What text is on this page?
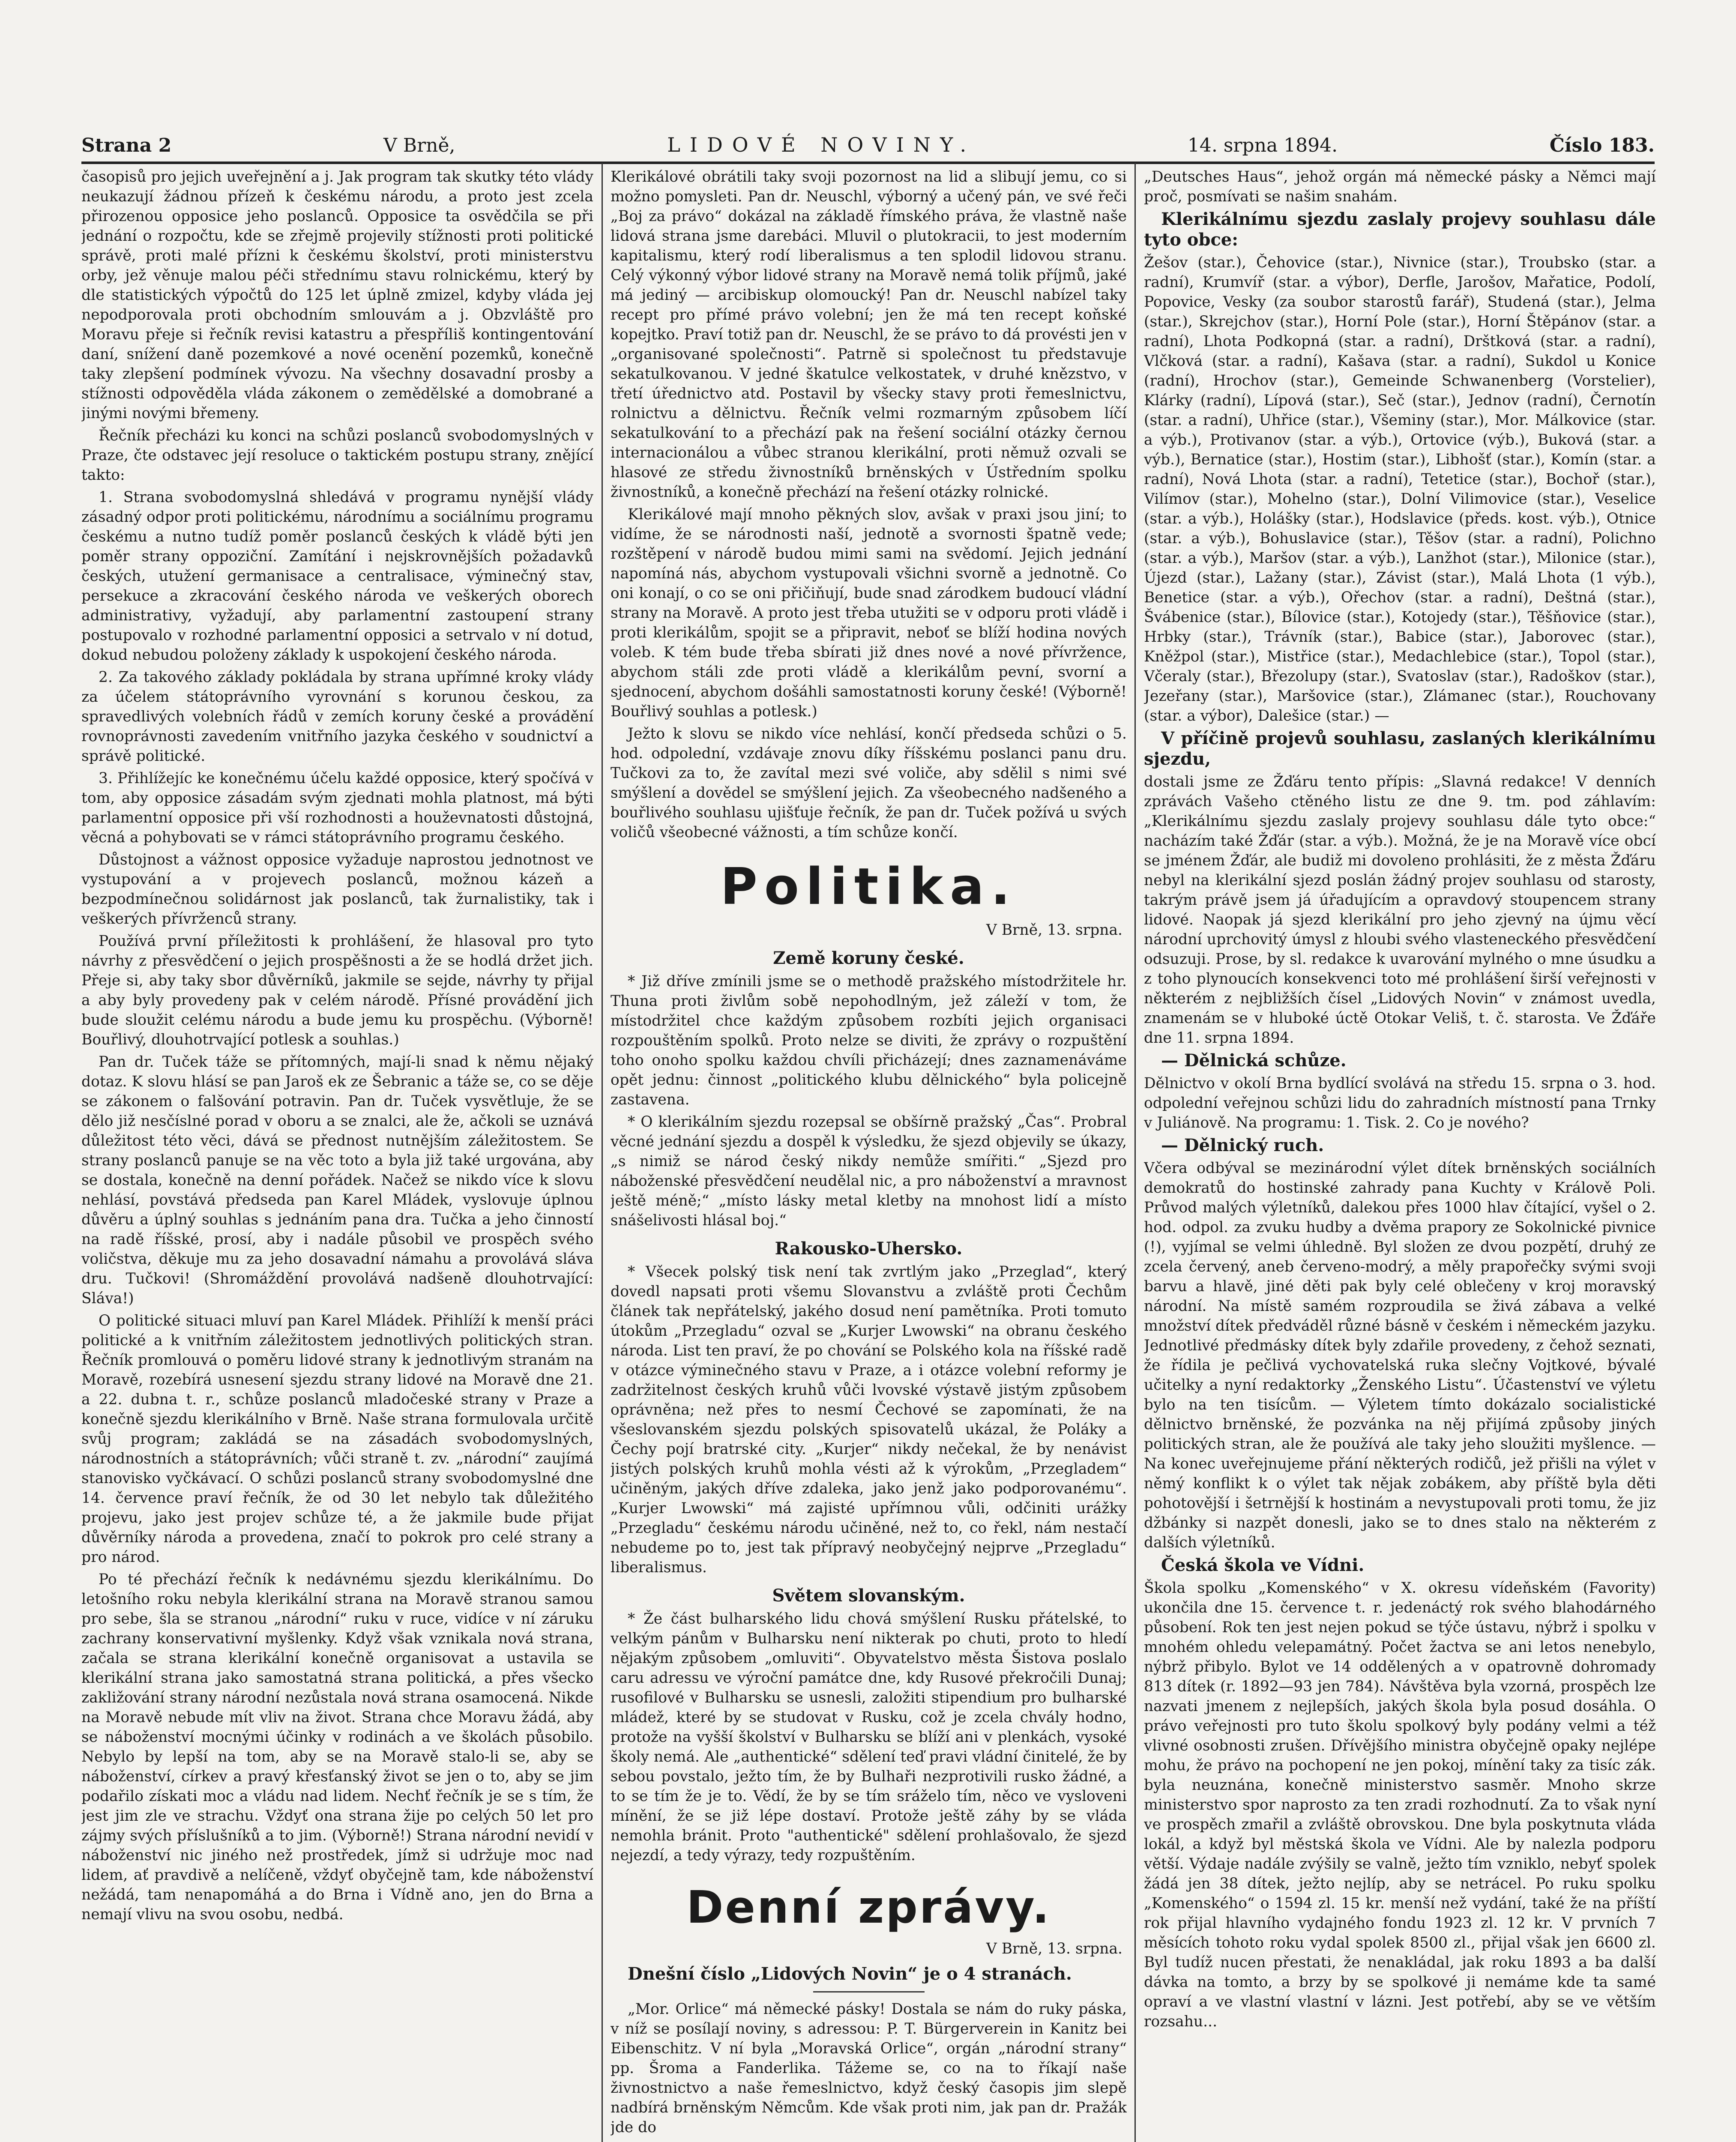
Strana 2	V Brně,	LIDOVÉ NOVINY.	14. srpna 1894.	Číslo 183.

časopisů pro jejich uveřejnění a j. Jak program tak skutky této vlády neukazují žádnou přízeň k českému národu, a proto jest zcela přirozenou opposice jeho poslanců. Opposice ta osvědčila se při jednání o rozpočtu, kde se zřejmě projevily stížnosti proti politické správě, proti malé přízni k českému školství, proti ministerstvu orby, jež věnuje malou péči střednímu stavu rolnickému, který by dle statistických výpočtů do 125 let úplně zmizel, kdyby vláda jej nepodporovala proti obchodním smlouvám a j. Obzvláště pro Moravu přeje si řečník revisi katastru a přespříliš kontingentování daní, snížení daně pozemkové a nové ocenění pozemků, konečně taky zlepšení podmínek vývozu. Na všechny dosavadní prosby a stížnosti odpověděla vláda zákonem o zemědělské a domobrané a jinými novými břemeny.

Řečník přecházi ku konci na schůzi poslanců svobodomyslných v Praze, čte odstavec její resoluce o taktickém postupu strany, znějící takto:

1. Strana svobodomyslná shledává v programu nynější vlády zásadný odpor proti politickému, národnímu a sociálnímu programu českému a nutno tudíž poměr poslanců českých k vládě býti jen poměr strany oppoziční. Zamítání i nejskrovnějších požadavků českých, utužení germanisace a centralisace, výminečný stav, persekuce a zkracování českého národa ve veškerých oborech administrativy, vyžadují, aby parlamentní zastoupení strany postupovalo v rozhodné parlamentní opposici a setrvalo v ní dotud, dokud nebudou položeny základy k uspokojení českého národa.

2. Za takového základy pokládala by strana upřímné kroky vlády za účelem státoprávního vyrovnání s korunou českou, za spravedlivých volebních řádů v zemích koruny české a provádění rovnoprávnosti zavedením vnitřního jazyka českého v soudnictví a správě politické.

3. Přihlížejíc ke konečnému účelu každé opposice, který spočívá v tom, aby opposice zásadám svým zjednati mohla platnost, má býti parlamentní opposice při vší rozhodnosti a houževnatosti důstojná, věcná a pohybovati se v rámci státoprávního programu českého.

Důstojnost a vážnost opposice vyžaduje naprostou jednotnost ve vystupování a v projevech poslanců, možnou kázeň a bezpodmínečnou solidárnost jak poslanců, tak žurnalistiky, tak i veškerých přívrženců strany.

Používá první příležitosti k prohlášení, že hlasoval pro tyto návrhy z přesvědčení o jejich prospěšnosti a že se hodlá držet jich. Přeje si, aby taky sbor důvěrníků, jakmile se sejde, návrhy ty přijal a aby byly provedeny pak v celém národě. Přísné provádění jich bude sloužit celému národu a bude jemu ku prospěchu. (Výborně! Bouřlivý, dlouhotrvající potlesk a souhlas.)

Pan dr. Tuček táže se přítomných, mají-li snad k němu nějaký dotaz. K slovu hlásí se pan Jaroš ek ze Šebranic a táže se, co se děje se zákonem o falšování potravin. Pan dr. Tuček vysvětluje, že se dělo již nesčíslné porad v oboru a se znalci, ale že, ačkoli se uznává důležitost této věci, dává se přednost nutnějším záležitostem. Se strany poslanců panuje se na věc toto a byla již také urgována, aby se dostala, konečně na denní pořádek. Načež se nikdo více k slovu nehlásí, povstává předseda pan Karel Mládek, vyslovuje úplnou důvěru a úplný souhlas s jednáním pana dra. Tučka a jeho činností na radě říšské, prosí, aby i nadále působil ve prospěch svého voličstva, děkuje mu za jeho dosavadní námahu a provolává sláva dru. Tučkovi! (Shromáždění provolává nadšeně dlouhotrvající: Sláva!)

O politické situaci mluví pan Karel Mládek. Přihlíží k menší práci politické a k vnitřním záležitostem jednotlivých politických stran. Řečník promlouvá o poměru lidové strany k jednotlivým stranám na Moravě, rozebírá usnesení sjezdu strany lidové na Moravě dne 21. a 22. dubna t. r., schůze poslanců mladočeské strany v Praze a konečně sjezdu klerikálního v Brně. Naše strana formulovala určitě svůj program; zakládá se na zásadách svobodomyslných, národnostních a státoprávních; vůči straně t. zv. „národní“ zaujímá stanovisko vyčkávací. O schůzi poslanců strany svobodomyslné dne 14. července praví řečník, že od 30 let nebylo tak důležitého projevu, jako jest projev schůze té, a že jakmile bude přijat důvěrníky národa a provedena, značí to pokrok pro celé strany a pro národ.

Po té přechází řečník k nedávnému sjezdu klerikálnímu. Do letošního roku nebyla klerikální strana na Moravě stranou samou pro sebe, šla se stranou „národní“ ruku v ruce, vidíce v ní záruku zachrany konservativní myšlenky. Když však vznikala nová strana, začala se strana klerikální konečně organisovat a ustavila se klerikální strana jako samostatná strana politická, a přes všecko zakližování strany národní nezůstala nová strana osamocená. Nikde na Moravě nebude mít vliv na život. Strana chce Moravu žádá, aby se náboženství mocnými účinky v rodinách a ve školách působilo. Nebylo by lepší na tom, aby se na Moravě stalo-li se, aby se náboženství, církev a pravý křesťanský život se jen o to, aby se jim podařilo získati moc a vládu nad lidem. Nechť řečník je se s tím, že jest jim zle ve strachu. Vždyť ona strana žije po celých 50 let pro zájmy svých příslušníků a to jim. (Výborně!) Strana národní nevidí v náboženství nic jiného než prostředek, jímž si udržuje moc nad lidem, ať pravdivě a nelíčeně, vždyť obyčejně tam, kde náboženství nežádá, tam nenapomáhá a do Brna i Vídně ano, jen do Brna a nemají vlivu na svou osobu, nedbá.

Klerikálové obrátili taky svoji pozornost na lid a slibují jemu, co si možno pomysleti. Pan dr. Neuschl, výborný a učený pán, ve své řeči „Boj za právo“ dokázal na základě římského práva, že vlastně naše lidová strana jsme darebáci. Mluvil o plutokracii, to jest moderním kapitalismu, který rodí liberalismus a ten splodil lidovou stranu. Celý výkonný výbor lidové strany na Moravě nemá tolik příjmů, jaké má jediný — arcibiskup olomoucký! Pan dr. Neuschl nabízel taky recept pro přímé právo volební; jen že má ten recept koňské kopejtko. Praví totiž pan dr. Neuschl, že se právo to dá provésti jen v „organisované společnosti“. Patrně si společnost tu představuje sekatulkovanou. V jedné škatulce velkostatek, v druhé knězstvo, v třetí úřednictvo atd. Postavil by všecky stavy proti řemeslnictvu, rolnictvu a dělnictvu. Řečník velmi rozmarným způsobem líčí sekatulkování to a přechází pak na řešení sociální otázky černou internacionálou a vůbec stranou klerikální, proti němuž ozvali se hlasové ze středu živnostníků brněnských v Ústředním spolku živnostníků, a konečně přechází na řešení otázky rolnické.

Klerikálové mají mnoho pěkných slov, avšak v praxi jsou jiní; to vidíme, že se národnosti naší, jednotě a svornosti špatně vede; rozštěpení v národě budou mimi sami na svědomí. Jejich jednání napomíná nás, abychom vystupovali všichni svorně a jednotně. Co oni konají, o co se oni přičiňují, bude snad zárodkem budoucí vládní strany na Moravě. A proto jest třeba utužiti se v odporu proti vládě i proti klerikálům, spojit se a připravit, neboť se blíží hodina nových voleb. K tém bude třeba sbírati již dnes nové a nové přívržence, abychom stáli zde proti vládě a klerikálům pevní, svorní a sjednocení, abychom došáhli samostatnosti koruny české! (Výborně! Bouřlivý souhlas a potlesk.)

Ježto k slovu se nikdo více nehlásí, končí předseda schůzi o 5. hod. odpolední, vzdávaje znovu díky říšskému poslanci panu dru. Tučkovi za to, že zavítal mezi své voliče, aby sdělil s nimi své smýšlení a dovědel se smýšlení jejich. Za všeobecného nadšeného a bouřlivého souhlasu ujišťuje řečník, že pan dr. Tuček požívá u svých voličů všeobecné vážnosti, a tím schůze končí.

Politika.
V Brně, 13. srpna.
Země koruny české.

* Již dříve zmínili jsme se o methodě pražského místodržitele hr. Thuna proti živlům sobě nepohodlným, jež záleží v tom, že místodržitel chce každým způsobem rozbíti jejich organisaci rozpouštěním spolků. Proto nelze se diviti, že zprávy o rozpuštění toho onoho spolku každou chvíli přicházejí; dnes zaznamenáváme opět jednu: činnost „politického klubu dělnického“ byla policejně zastavena.

* O klerikálním sjezdu rozepsal se obšírně pražský „Čas“. Probral věcné jednání sjezdu a dospěl k výsledku, že sjezd objevily se úkazy, „s nimiž se národ český nikdy nemůže smířiti.“ „Sjezd pro náboženské přesvědčení neudělal nic, a pro náboženství a mravnost ještě méně;“ „místo lásky metal kletby na mnohost lidí a místo snášelivosti hlásal boj.“

Rakousko-Uhersko.

* Všecek polský tisk není tak zvrtlým jako „Przeglad“, který dovedl napsati proti všemu Slovanstvu a zvláště proti Čechům článek tak nepřátelský, jakého dosud není pamětníka. Proti tomuto útokům „Przegladu“ ozval se „Kurjer Lwowski“ na obranu českého národa. List ten praví, že po chování se Polského kola na říšské radě v otázce výminečného stavu v Praze, a i otázce volební reformy je zadržitelnost českých kruhů vůči lvovské výstavě jistým způsobem oprávněna; než přes to nesmí Čechové se zapomínati, že na všeslovanském sjezdu polských spisovatelů ukázal, že Poláky a Čechy pojí bratrské city. „Kurjer“ nikdy nečekal, že by nenávist jistých polských kruhů mohla vésti až k výrokům, „Przegladem“ učiněným, jakých dříve zdaleka, jako jenž jako podporovanému“. „Kurjer Lwowski“ má zajisté upřímnou vůli, odčiniti urážky „Przegladu“ českému národu učiněné, než to, co řekl, nám nestačí nebudeme po to, jest tak přípravý neobyčejný nejprve „Przegladu“ liberalismus.

Světem slovanským.

* Že část bulharského lidu chová smýšlení Rusku přátelské, to velkým pánům v Bulharsku není nikterak po chuti, proto to hledí nějakým způsobem „omluviti“. Obyvatelstvo města Šistova poslalo caru adressu ve výroční památce dne, kdy Rusové překročili Dunaj; rusofilové v Bulharsku se usnesli, založiti stipendium pro bulharské mládež, které by se studovat v Rusku, což je zcela chvály hodno, protože na vyšší školství v Bulharsku se blíží ani v plenkách, vysoké školy nemá. Ale „authentické“ sdělení teď pravi vládní činitelé, že by sebou povstalo, ježto tím, že by Bulhaři nezprotivili rusko žádné, a to se tím že je to. Vědí, že by se tím sráželo tím, něco ve vysloveni mínění, že se již lépe dostaví. Protože ještě záhy by se vláda nemohla bránit. Proto "authentické" sdělení prohlašovalo, že sjezd nejezdí, a tedy výrazy, tedy rozpuštěním.

Denní zprávy.
V Brně, 13. srpna.

Dnešní číslo „Lidových Novin“ je o 4 stranách.

„Mor. Orlice“ má německé pásky! Dostala se nám do ruky páska, v níž se posílají noviny, s adressou: P. T. Bürgerverein in Kanitz bei Eibenschitz. V ní byla „Moravská Orlice“, orgán „národní strany“ pp. Šroma a Fanderlika. Tážeme se, co na to říkají naše živnostnictvo a naše řemeslnictvo, když český časopis jim slepě nadbírá brněnským Němcům. Kde však proti nim, jak pan dr. Pražák jde do

„Deutsches Haus“, jehož orgán má německé pásky a Němci mají proč, posmívati se našim snahám.

Klerikálnímu sjezdu zaslaly projevy souhlasu dále tyto obce:

Žešov (star.), Čehovice (star.), Nivnice (star.), Troubsko (star. a radní), Krumvíř (star. a výbor), Derfle, Jarošov, Mařatice, Podolí, Popovice, Vesky (za soubor starostů farář), Studená (star.), Jelma (star.), Skrejchov (star.), Horní Pole (star.), Horní Štěpánov (star. a radní), Lhota Podkopná (star. a radní), Drštková (star. a radní), Vlčková (star. a radní), Kašava (star. a radní), Sukdol u Konice (radní), Hrochov (star.), Gemeinde Schwanenberg (Vorstelier), Klárky (radní), Lípová (star.), Seč (star.), Jednov (radní), Černotín (star. a radní), Uhřice (star.), Všeminy (star.), Mor. Málkovice (star. a výb.), Protivanov (star. a výb.), Ortovice (výb.), Buková (star. a výb.), Bernatice (star.), Hostim (star.), Libhošť (star.), Komín (star. a radní), Nová Lhota (star. a radní), Tetetice (star.), Bochoř (star.), Vilímov (star.), Mohelno (star.), Dolní Vilimovice (star.), Veselice (star. a výb.), Holášky (star.), Hodslavice (předs. kost. výb.), Otnice (star. a výb.), Bohuslavice (star.), Těšov (star. a radní), Polichno (star. a výb.), Maršov (star. a výb.), Lanžhot (star.), Milonice (star.), Újezd (star.), Lažany (star.), Závist (star.), Malá Lhota (1 výb.), Benetice (star. a výb.), Ořechov (star. a radní), Deštná (star.), Švábenice (star.), Bílovice (star.), Kotojedy (star.), Těšňovice (star.), Hrbky (star.), Trávník (star.), Babice (star.), Jaborovec (star.), Kněžpol (star.), Mistřice (star.), Medachlebice (star.), Topol (star.), Včeraly (star.), Březolupy (star.), Svatoslav (star.), Radoškov (star.), Jezeřany (star.), Maršovice (star.), Zlámanec (star.), Rouchovany (star. a výbor), Dalešice (star.) —

V příčině projevů souhlasu, zaslaných klerikálnímu sjezdu,

dostali jsme ze Žďáru tento přípis: „Slavná redakce! V denních zprávách Vašeho ctěného listu ze dne 9. tm. pod záhlavím: „Klerikálnímu sjezdu zaslaly projevy souhlasu dále tyto obce:“ nacházím také Žďár (star. a výb.). Možná, že je na Moravě více obcí se jménem Žďár, ale budiž mi dovoleno prohlásiti, že z města Žďáru nebyl na klerikální sjezd poslán žádný projev souhlasu od starosty, takrým právě jsem já úřadujícím a opravdový stoupencem strany lidové. Naopak já sjezd klerikální pro jeho zjevný na újmu věcí národní uprchovitý úmysl z hloubi svého vlasteneckého přesvědčení odsuzuji. Prose, by sl. redakce k uvarování mylného o mne úsudku a z toho plynoucích konsekvenci toto mé prohlášení širší veřejnosti v některém z nejbližších čísel „Lidových Novin“ v známost uvedla, znamenám se v hluboké úctě Otokar Veliš, t. č. starosta. Ve Žďáře dne 11. srpna 1894.

— Dělnická schůze.

Dělnictvo v okolí Brna bydlící svolává na středu 15. srpna o 3. hod. odpolední veřejnou schůzi lidu do zahradních místností pana Trnky v Juliánově. Na programu: 1. Tisk. 2. Co je nového?

— Dělnický ruch.

Včera odbýval se mezinárodní výlet dítek brněnských sociálních demokratů do hostinské zahrady pana Kuchty v Králově Poli. Průvod malých výletníků, dalekou přes 1000 hlav čítající, vyšel o 2. hod. odpol. za zvuku hudby a dvěma prapory ze Sokolnické pivnice (!), vyjímal se velmi úhledně. Byl složen ze dvou pozpětí, druhý ze zcela červený, aneb červeno-modrý, a měly prapořečky svými svoji barvu a hlavě, jiné děti pak byly celé oblečeny v kroj moravský národní. Na místě samém rozproudila se živá zábava a velké množství dítek předváděl různé básně v českém i německém jazyku. Jednotlivé předmásky dítek byly zdařile provedeny, z čehož seznati, že řídila je pečlivá vychovatelská ruka slečny Vojtkové, bývalé učitelky a nyní redaktorky „Ženského Listu“. Účastenství ve výletu bylo na ten tisícům. — Výletem tímto dokázalo socialistické dělnictvo brněnské, že pozvánka na něj přijímá způsoby jiných politických stran, ale že používá ale taky jeho sloužiti myšlence. — Na konec uveřejnujeme přání některých rodičů, jež přišli na výlet v němý konflikt k o výlet tak nějak zobákem, aby příště byla děti pohotovější i šetrnější k hostinám a nevystupovali proti tomu, že jiz džbánky si nazpět donesli, jako se to dnes stalo na některém z dalších výletníků.

Česká škola ve Vídni.

Škola spolku „Komenského“ v X. okresu vídeňském (Favority) ukončila dne 15. července t. r. jedenáctý rok svého blahodárného působení. Rok ten jest nejen pokud se týče ústavu, nýbrž i spolku v mnohém ohledu velepamátný. Počet žactva se ani letos nenebylo, nýbrž přibylo. Bylot ve 14 oddělených a v opatrovně dohromady 813 dítek (r. 1892—93 jen 784). Návštěva byla vzorná, prospěch lze nazvati jmenem z nejlepších, jakých škola byla posud dosáhla. O právo veřejnosti pro tuto školu spolkový byly podány velmi a též vlivné osobnosti zrušen. Dřívějšího ministra obyčejně opaky nejlépe mohu, že právo na pochopení ne jen pokoj, mínění taky za tisíc zák. byla neuznána, konečně ministerstvo sasměr. Mnoho skrze ministerstvo spor naprosto za ten zradi rozhodnutí. Za to však nyní ve prospěch zmařil a zvláště obrovskou. Dne byla poskytnuta vláda lokál, a když byl městská škola ve Vídni. Ale by nalezla podporu větší. Výdaje nadále zvýšily se valně, ježto tím vzniklo, nebyť spolek žádá jen 38 dítek, ježto nejlíp, aby se netrácel. Po ruku spolku „Komenského“ o 1594 zl. 15 kr. menší než vydání, také že na příští rok přijal hlavního vydajného fondu 1923 zl. 12 kr. V prvních 7 měsících tohoto roku vydal spolek 8500 zl., přijal však jen 6600 zl. Byl tudíž nucen přestati, že nenakládal, jak roku 1893 a ba další dávka na tomto, a brzy by se spolkové ji nemáme kde ta samé opraví a ve vlastní vlastní v lázni. Jest potřebí, aby se ve větším rozsahu...
